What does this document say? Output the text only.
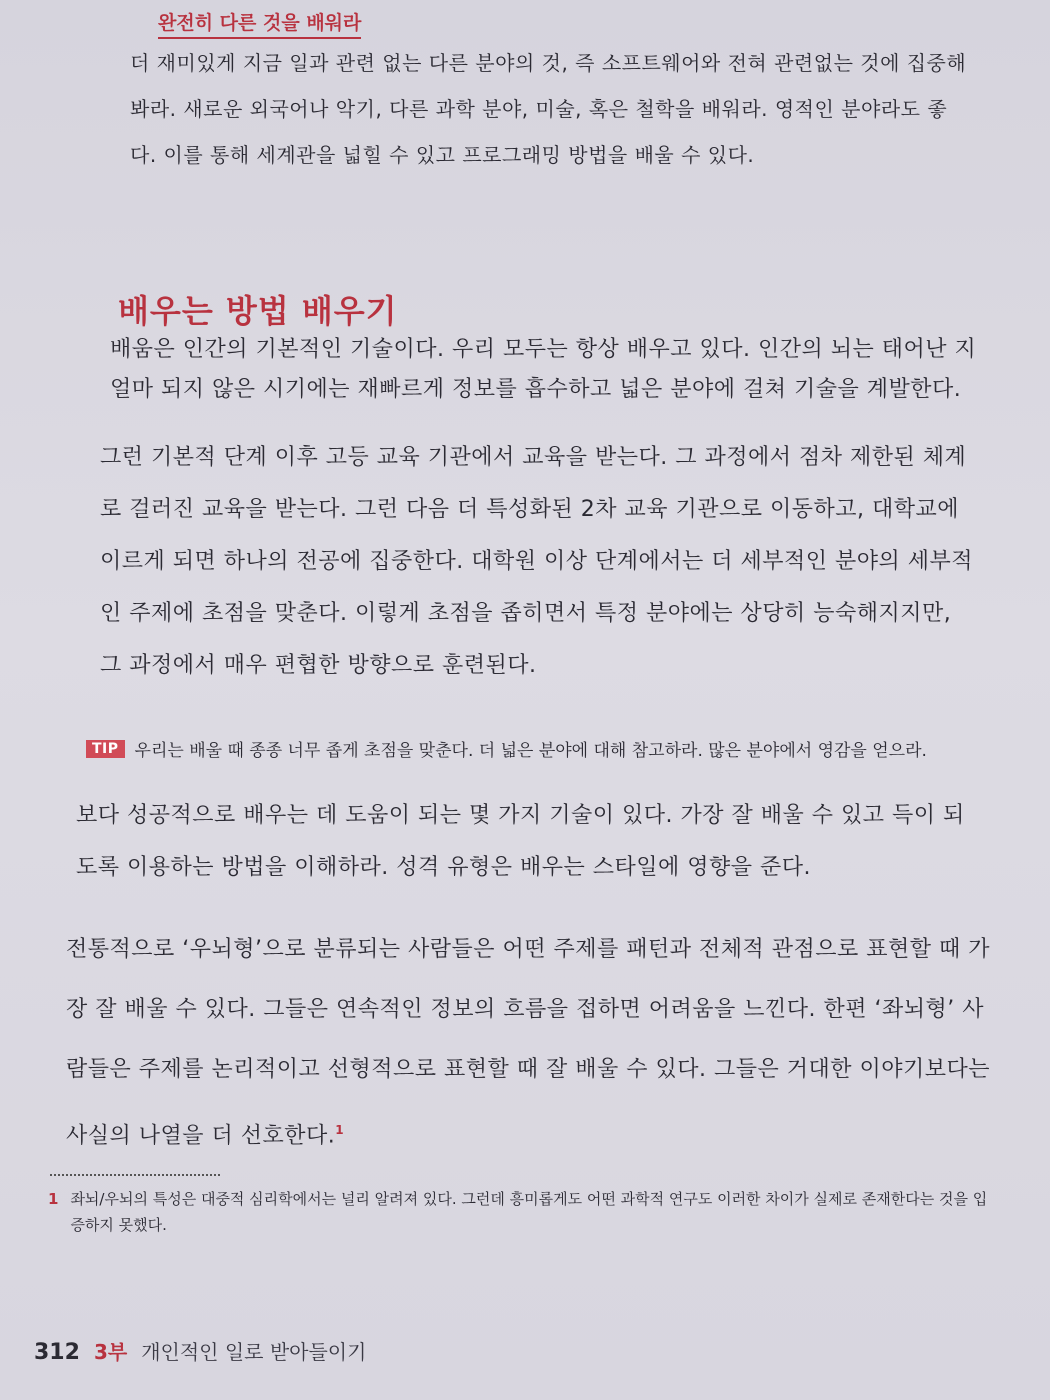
완전히 다른 것을 배워라
더 재미있게 지금 일과 관련 없는 다른 분야의 것, 즉 소프트웨어와 전혀 관련없는 것에 집중해봐라. 새로운 외국어나 악기, 다른 과학 분야, 미술, 혹은 철학을 배워라. 영적인 분야라도 좋다. 이를 통해 세계관을 넓힐 수 있고 프로그래밍 방법을 배울 수 있다.
배우는 방법 배우기
배움은 인간의 기본적인 기술이다. 우리 모두는 항상 배우고 있다. 인간의 뇌는 태어난 지 얼마 되지 않은 시기에는 재빠르게 정보를 흡수하고 넓은 분야에 걸쳐 기술을 계발한다.
그런 기본적 단계 이후 고등 교육 기관에서 교육을 받는다. 그 과정에서 점차 제한된 체계로 걸러진 교육을 받는다. 그런 다음 더 특성화된 2차 교육 기관으로 이동하고, 대학교에 이르게 되면 하나의 전공에 집중한다. 대학원 이상 단계에서는 더 세부적인 분야의 세부적인 주제에 초점을 맞춘다. 이렇게 초점을 좁히면서 특정 분야에는 상당히 능숙해지지만, 그 과정에서 매우 편협한 방향으로 훈련된다.
TIP 우리는 배울 때 종종 너무 좁게 초점을 맞춘다. 더 넓은 분야에 대해 참고하라. 많은 분야에서 영감을 얻으라.
보다 성공적으로 배우는 데 도움이 되는 몇 가지 기술이 있다. 가장 잘 배울 수 있고 득이 되도록 이용하는 방법을 이해하라. 성격 유형은 배우는 스타일에 영향을 준다.
전통적으로 ‘우뇌형’으로 분류되는 사람들은 어떤 주제를 패턴과 전체적 관점으로 표현할 때 가장 잘 배울 수 있다. 그들은 연속적인 정보의 흐름을 접하면 어려움을 느낀다. 한편 ‘좌뇌형’ 사람들은 주제를 논리적이고 선형적으로 표현할 때 잘 배울 수 있다. 그들은 거대한 이야기보다는 사실의 나열을 더 선호한다.$^1$
1 좌뇌/우뇌의 특성은 대중적 심리학에서는 널리 알려져 있다. 그런데 흥미롭게도 어떤 과학적 연구도 이러한 차이가 실제로 존재한다는 것을 입증하지 못했다.
312 3부 개인적인 일로 받아들이기
